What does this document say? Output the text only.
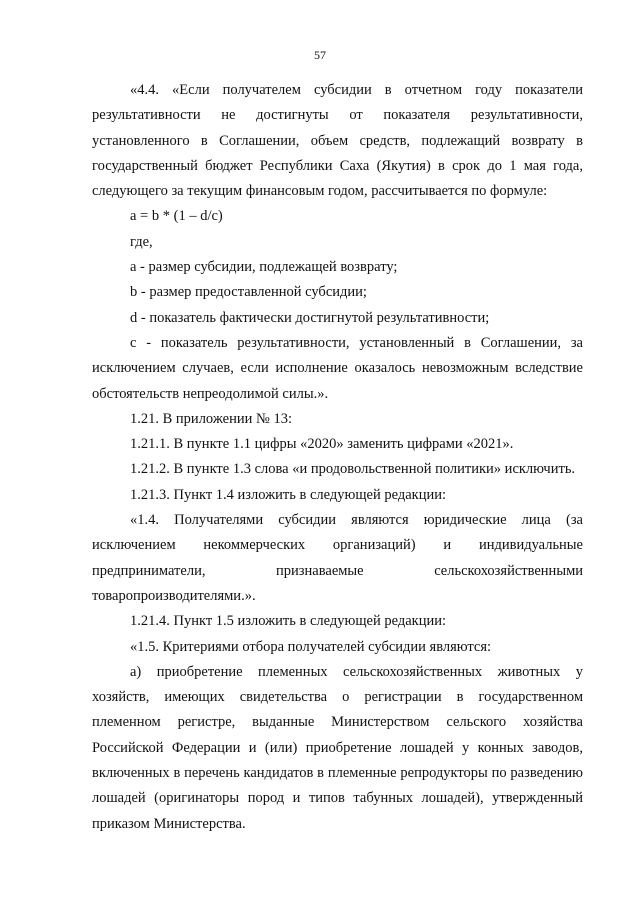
57

«4.4. «Если получателем субсидии в отчетном году показатели результативности не достигнуты от показателя результативности, установленного в Соглашении, объем средств, подлежащий возврату в государственный бюджет Республики Саха (Якутия) в срок до 1 мая года, следующего за текущим финансовым годом, рассчитывается по формуле:

a = b * (1 – d/c)

где,

а - размер субсидии, подлежащей возврату;

b - размер предоставленной субсидии;

d - показатель фактически достигнутой результативности;

с - показатель результативности, установленный в Соглашении, за исключением случаев, если исполнение оказалось невозможным вследствие обстоятельств непреодолимой силы.».

1.21. В приложении № 13:

1.21.1. В пункте 1.1 цифры «2020» заменить цифрами «2021».

1.21.2. В пункте 1.3 слова «и продовольственной политики» исключить.

1.21.3. Пункт 1.4 изложить в следующей редакции:

«1.4. Получателями субсидии являются юридические лица (за исключением некоммерческих организаций) и индивидуальные предприниматели, признаваемые сельскохозяйственными товаропроизводителями.».

1.21.4. Пункт 1.5 изложить в следующей редакции:

«1.5. Критериями отбора получателей субсидии являются:

а) приобретение племенных сельскохозяйственных животных у хозяйств, имеющих свидетельства о регистрации в государственном племенном регистре, выданные Министерством сельского хозяйства Российской Федерации и (или) приобретение лошадей у конных заводов, включенных в перечень кандидатов в племенные репродукторы по разведению лошадей (оригинаторы пород и типов табунных лошадей), утвержденный приказом Министерства.
